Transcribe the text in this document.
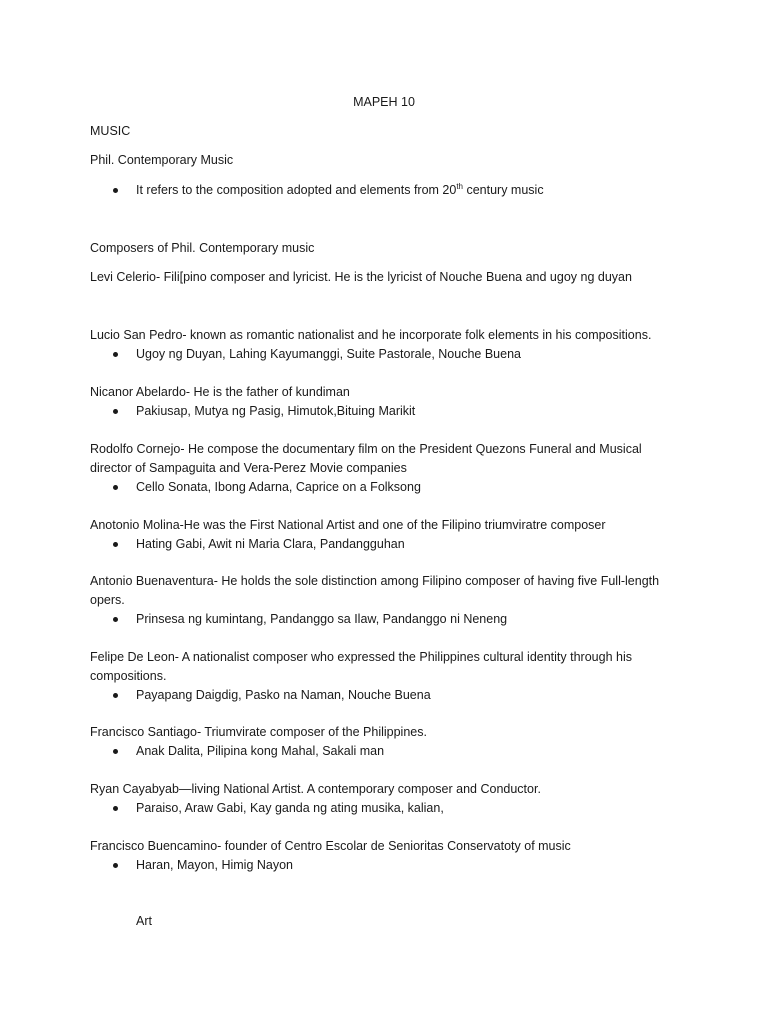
MAPEH 10
MUSIC
Phil. Contemporary Music
It refers to the composition adopted and elements from 20th century music
Composers of Phil. Contemporary music
Levi Celerio- Fili[pino composer and lyricist. He is the lyricist of Nouche Buena and ugoy ng duyan
Lucio San Pedro- known as romantic nationalist and he incorporate folk elements in his compositions.
Ugoy ng Duyan, Lahing Kayumanggi, Suite Pastorale, Nouche Buena
Nicanor Abelardo- He is the father of kundiman
Pakiusap, Mutya ng Pasig, Himutok,Bituing Marikit
Rodolfo Cornejo- He compose the documentary film on the President Quezons Funeral and Musical
director of Sampaguita and Vera-Perez Movie companies
Cello Sonata, Ibong Adarna, Caprice on a Folksong
Anotonio Molina-He was the First National Artist and one of the Filipino triumviratre composer
Hating Gabi, Awit ni Maria Clara, Pandangguhan
Antonio Buenaventura- He holds the sole distinction among Filipino composer of having five Full-length
opers.
Prinsesa ng kumintang, Pandanggo sa Ilaw, Pandanggo ni Neneng
Felipe De Leon- A nationalist composer who expressed the Philippines cultural identity through his
compositions.
Payapang Daigdig, Pasko na Naman, Nouche Buena
Francisco Santiago- Triumvirate composer of the Philippines.
Anak Dalita, Pilipina kong Mahal, Sakali man
Ryan Cayabyab—living National Artist. A contemporary composer and Conductor.
Paraiso, Araw Gabi, Kay ganda ng ating musika, kalian,
Francisco Buencamino- founder of Centro Escolar de Senioritas Conservatoty of music
Haran, Mayon, Himig Nayon
Art
